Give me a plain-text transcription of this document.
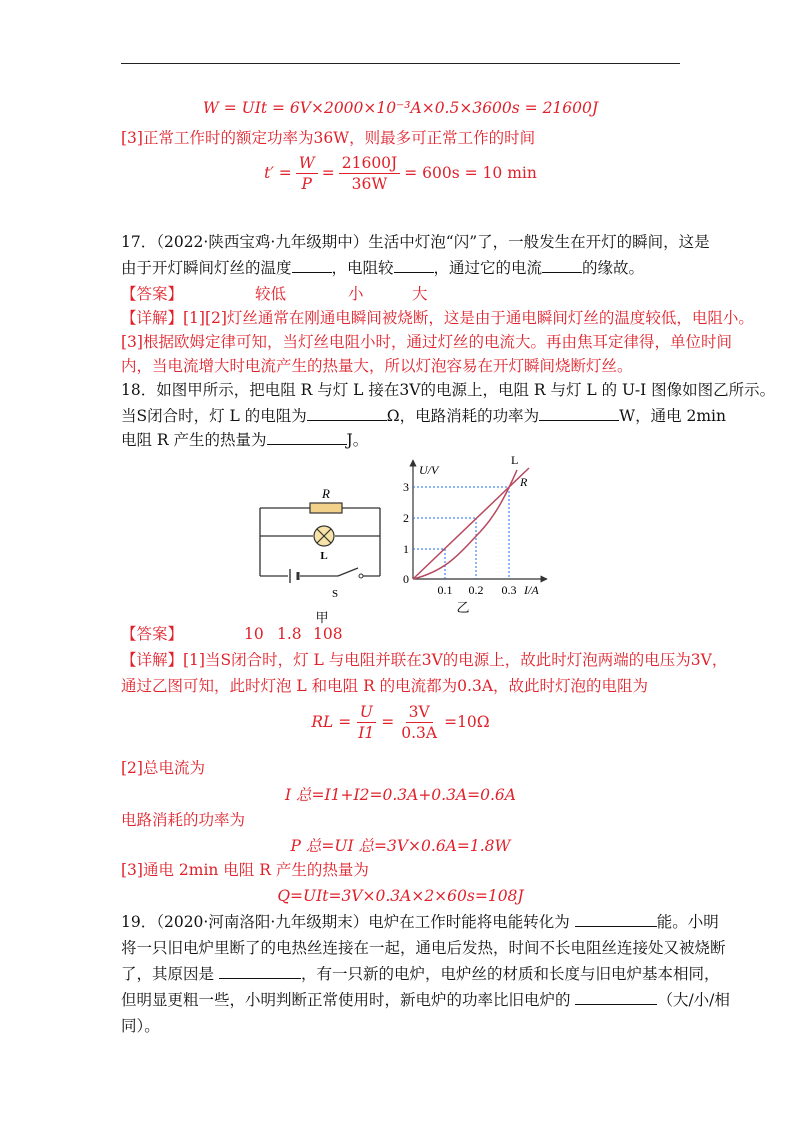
W = UIt = 6V×2000×10⁻³A×0.5×3600s = 21600J
[3]正常工作时的额定功率为36W，则最多可正常工作的时间
$t' = \frac{W}{P} = \frac{21600J}{36W} = 600s = 10$ min
17．（2022·陕西宝鸡·九年级期中）生活中灯泡“闪”了，一般发生在开灯的瞬间，这是
由于开灯瞬间灯丝的温度	，电阻较	，通过它的电流	的缘故。
【答案】	较低	小	大
【详解】[1][2]灯丝通常在刚通电瞬间被烧断，这是由于通电瞬间灯丝的温度较低，电阻小。
[3]根据欧姆定律可知，当灯丝电阻小时，通过灯丝的电流大。再由焦耳定律得，单位时间
内，当电流增大时电流产生的热量大，所以灯泡容易在开灯瞬间烧断灯丝。
18．如图甲所示，把电阻 R 与灯 L 接在3V的电源上，电阻 R 与灯 L 的 U-I 图像如图乙所示。
当S闭合时，灯 L 的电阻为	Ω，电路消耗的功率为	W，通电 2min
电阻 R 产生的热量为	J。
R
L
S
甲
U/V
I/A
0
1
2
3
0.1 0.2 0.3
L
R
乙
【答案】	10 1.8 108
【详解】[1]当S闭合时，灯 L 与电阻并联在3V的电源上，故此时灯泡两端的电压为3V，
通过乙图可知，此时灯泡 L 和电阻 R 的电流都为0.3A，故此时灯泡的电阻为
RL = $\frac{U}{I1} = \frac{3V}{0.3A} =10\Omega$
[2]总电流为
I 总=I1+I2=0.3A+0.3A=0.6A
电路消耗的功率为
P 总=UI 总=3V×0.6A=1.8W
[3]通电 2min 电阻 R 产生的热量为
Q=UIt=3V×0.3A×2×60s=108J
19．（2020·河南洛阳·九年级期末）电炉在工作时能将电能转化为	能。小明
将一只旧电炉里断了的电热丝连接在一起，通电后发热，时间不长电阻丝连接处又被烧断
了，其原因是	，有一只新的电炉，电炉丝的材质和长度与旧电炉基本相同，
但明显更粗一些，小明判断正常使用时，新电炉的功率比旧电炉的	（大/小/相
同）。
